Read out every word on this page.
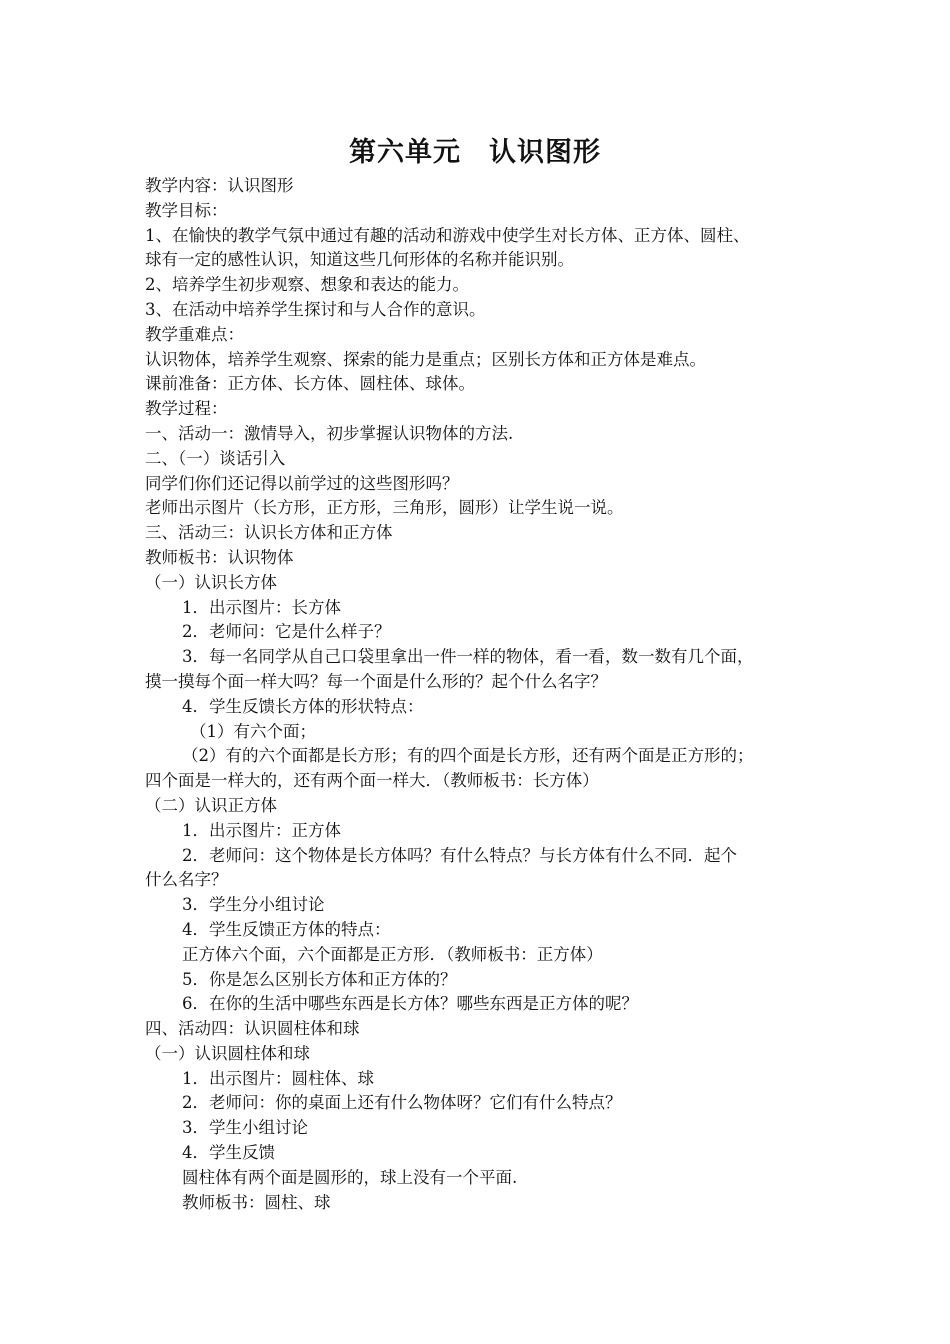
第六单元　认识图形

教学内容：认识图形

教学目标：

1、在愉快的教学气氛中通过有趣的活动和游戏中使学生对长方体、正方体、圆柱、

球有一定的感性认识，知道这些几何形体的名称并能识别。

2、培养学生初步观察、想象和表达的能力。

3、在活动中培养学生探讨和与人合作的意识。

教学重难点：

认识物体，培养学生观察、探索的能力是重点；区别长方体和正方体是难点。

课前准备：正方体、长方体、圆柱体、球体。

教学过程：

一、活动一：激情导入，初步掌握认识物体的方法.

二、（一）谈话引入

同学们你们还记得以前学过的这些图形吗？

老师出示图片（长方形，正方形，三角形，圆形）让学生说一说。

三、活动三：认识长方体和正方体

教师板书：认识物体

（一）认识长方体

1．出示图片：长方体

2．老师问：它是什么样子？

3．每一名同学从自己口袋里拿出一件一样的物体，看一看，数一数有几个面，

摸一摸每个面一样大吗？每一个面是什么形的？起个什么名字？

4．学生反馈长方体的形状特点：

（1）有六个面；

（2）有的六个面都是长方形；有的四个面是长方形，还有两个面是正方形的；

四个面是一样大的，还有两个面一样大．（教师板书：长方体）

（二）认识正方体

1．出示图片：正方体

2．老师问：这个物体是长方体吗？有什么特点？与长方体有什么不同．起个

什么名字？

3．学生分小组讨论

4．学生反馈正方体的特点：

正方体六个面，六个面都是正方形．（教师板书：正方体）

5．你是怎么区别长方体和正方体的？

6．在你的生活中哪些东西是长方体？哪些东西是正方体的呢？

四、活动四：认识圆柱体和球

（一）认识圆柱体和球

1．出示图片：圆柱体、球

2．老师问：你的桌面上还有什么物体呀？它们有什么特点？

3．学生小组讨论

4．学生反馈

圆柱体有两个面是圆形的，球上没有一个平面.

教师板书：圆柱、球
